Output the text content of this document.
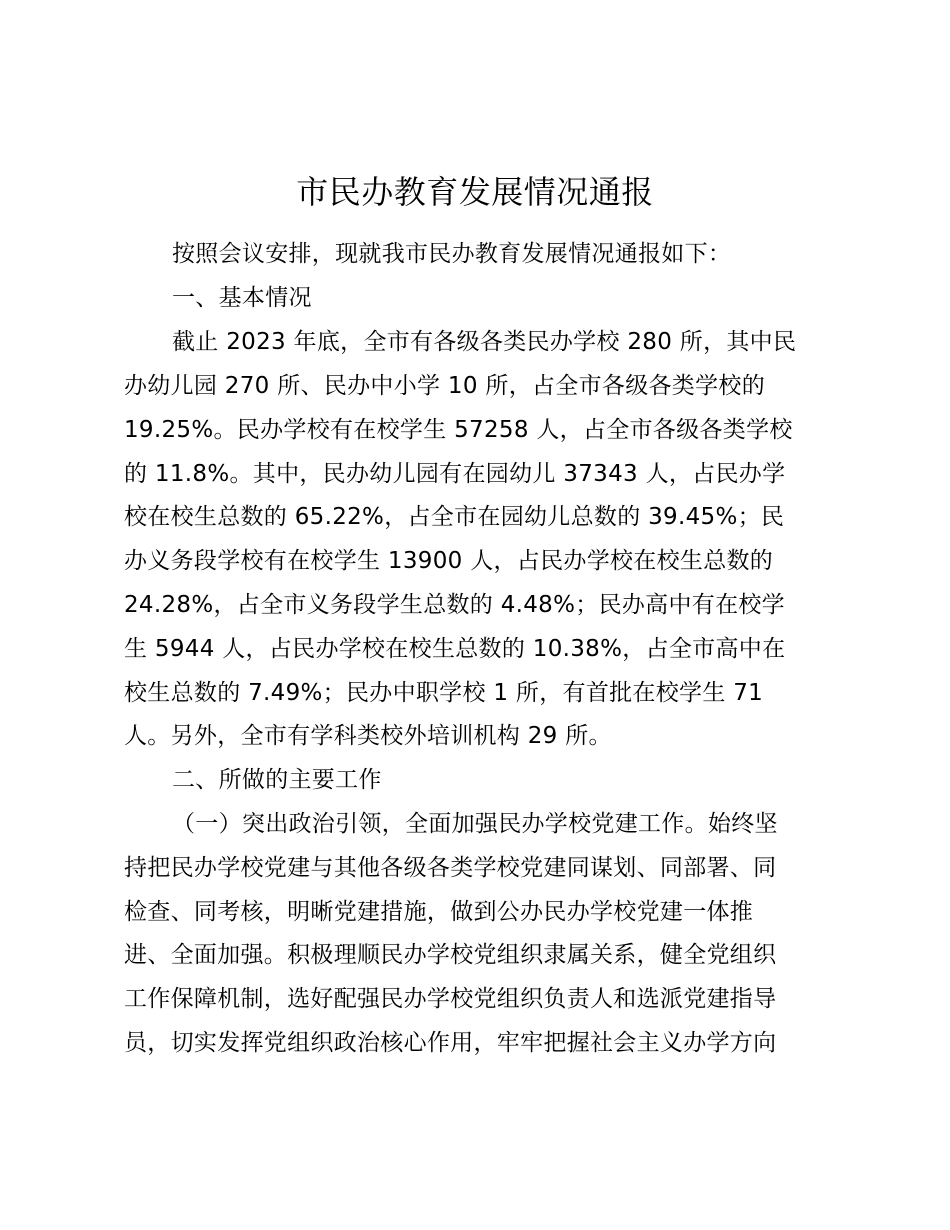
市民办教育发展情况通报
按照会议安排，现就我市民办教育发展情况通报如下：
一、基本情况
截止 2023 年底，全市有各级各类民办学校 280 所，其中民
办幼儿园 270 所、民办中小学 10 所，占全市各级各类学校的
19.25%。民办学校有在校学生 57258 人，占全市各级各类学校
的 11.8%。其中，民办幼儿园有在园幼儿 37343 人，占民办学
校在校生总数的 65.22%，占全市在园幼儿总数的 39.45%；民
办义务段学校有在校学生 13900 人，占民办学校在校生总数的
24.28%，占全市义务段学生总数的 4.48%；民办高中有在校学
生 5944 人，占民办学校在校生总数的 10.38%，占全市高中在
校生总数的 7.49%；民办中职学校 1 所，有首批在校学生 71
人。另外，全市有学科类校外培训机构 29 所。
二、所做的主要工作
（一）突出政治引领，全面加强民办学校党建工作。始终坚
持把民办学校党建与其他各级各类学校党建同谋划、同部署、同
检查、同考核，明晰党建措施，做到公办民办学校党建一体推
进、全面加强。积极理顺民办学校党组织隶属关系，健全党组织
工作保障机制，选好配强民办学校党组织负责人和选派党建指导
员，切实发挥党组织政治核心作用，牢牢把握社会主义办学方向
